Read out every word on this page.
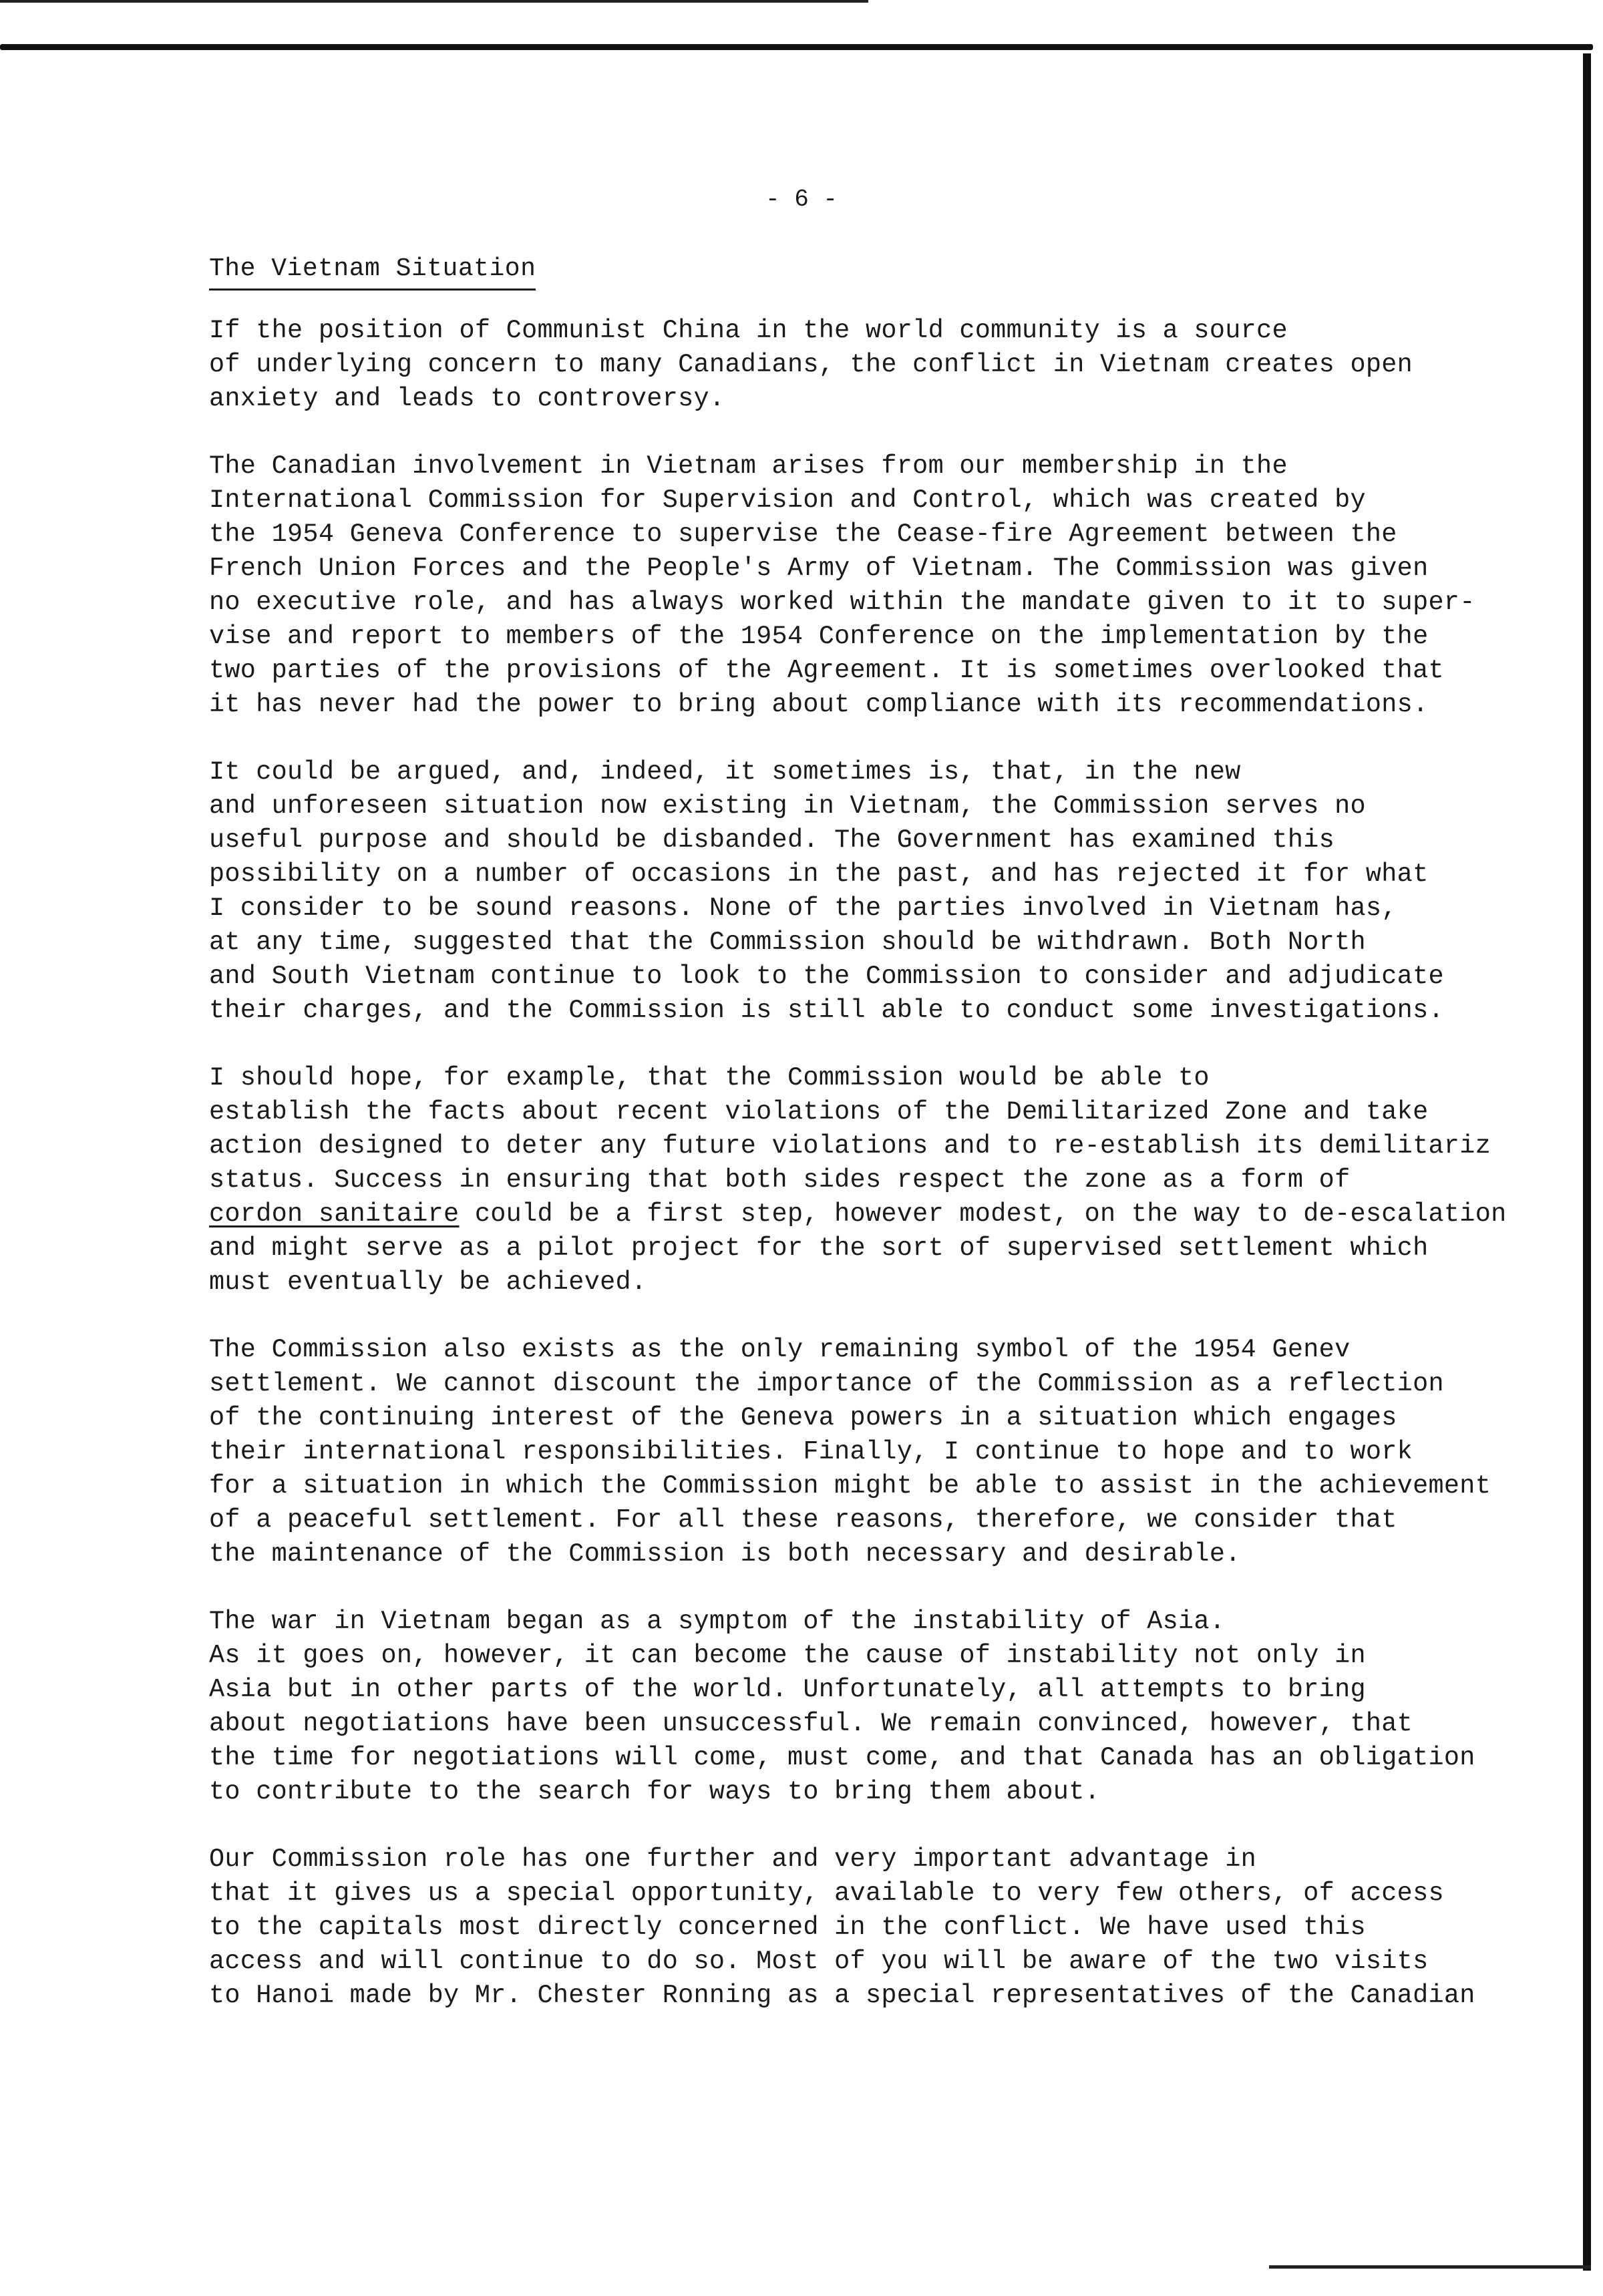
- 6 -
The Vietnam Situation

If the position of Communist China in the world community is a source
of underlying concern to many Canadians, the conflict in Vietnam creates open
anxiety and leads to controversy.

The Canadian involvement in Vietnam arises from our membership in the
International Commission for Supervision and Control, which was created by
the 1954 Geneva Conference to supervise the Cease-fire Agreement between the
French Union Forces and the People's Army of Vietnam. The Commission was given
no executive role, and has always worked within the mandate given to it to super-
vise and report to members of the 1954 Conference on the implementation by the
two parties of the provisions of the Agreement. It is sometimes overlooked that
it has never had the power to bring about compliance with its recommendations.

It could be argued, and, indeed, it sometimes is, that, in the new
and unforeseen situation now existing in Vietnam, the Commission serves no
useful purpose and should be disbanded. The Government has examined this
possibility on a number of occasions in the past, and has rejected it for what
I consider to be sound reasons. None of the parties involved in Vietnam has,
at any time, suggested that the Commission should be withdrawn. Both North
and South Vietnam continue to look to the Commission to consider and adjudicate
their charges, and the Commission is still able to conduct some investigations.

I should hope, for example, that the Commission would be able to
establish the facts about recent violations of the Demilitarized Zone and take
action designed to deter any future violations and to re-establish its demilitariz
status. Success in ensuring that both sides respect the zone as a form of
cordon sanitaire could be a first step, however modest, on the way to de-escalation
and might serve as a pilot project for the sort of supervised settlement which
must eventually be achieved.

The Commission also exists as the only remaining symbol of the 1954 Genev
settlement. We cannot discount the importance of the Commission as a reflection
of the continuing interest of the Geneva powers in a situation which engages
their international responsibilities. Finally, I continue to hope and to work
for a situation in which the Commission might be able to assist in the achievement
of a peaceful settlement. For all these reasons, therefore, we consider that
the maintenance of the Commission is both necessary and desirable.

The war in Vietnam began as a symptom of the instability of Asia.
As it goes on, however, it can become the cause of instability not only in
Asia but in other parts of the world. Unfortunately, all attempts to bring
about negotiations have been unsuccessful. We remain convinced, however, that
the time for negotiations will come, must come, and that Canada has an obligation
to contribute to the search for ways to bring them about.

Our Commission role has one further and very important advantage in
that it gives us a special opportunity, available to very few others, of access
to the capitals most directly concerned in the conflict. We have used this
access and will continue to do so. Most of you will be aware of the two visits
to Hanoi made by Mr. Chester Ronning as a special representatives of the Canadian
